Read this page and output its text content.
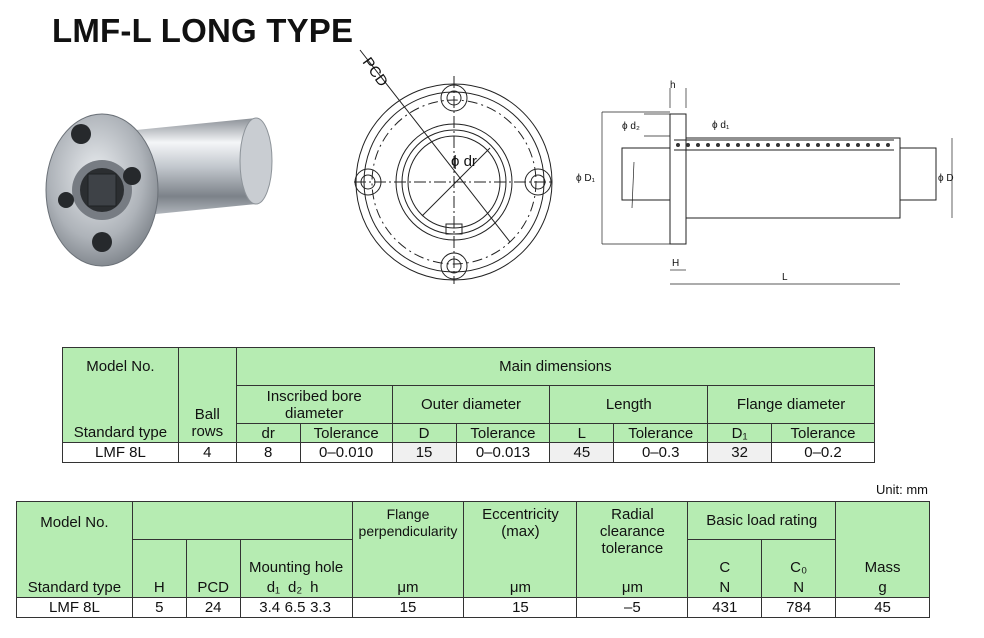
LMF-L LONG TYPE
PCD
ϕ dr
h
ϕ d₂	ϕ d₁
ϕ D₁	ϕ D
H
L
Model No.	Ball
rows	Main dimensions							
		Inscribed bore diameter		Outer diameter		Length		Flange diameter	
Standard type		dr	Tolerance	D	Tolerance	L	Tolerance	D₁	Tolerance
LMF 8L	4	8	0–0.010	15	0–0.013	45	0–0.3	32	0–0.2
Unit: mm
Model No.						Flange perpendicularity	Eccentricity (max)	Radial clearance tolerance	Basic load rating		
			Mounting hole						C	C₀	Mass
Standard type	H	PCD	d₁	d₂	h	μm	μm	μm	N	N	g
LMF 8L	5	24	3.4	6.5	3.3	15	15	–5	431	784	45
